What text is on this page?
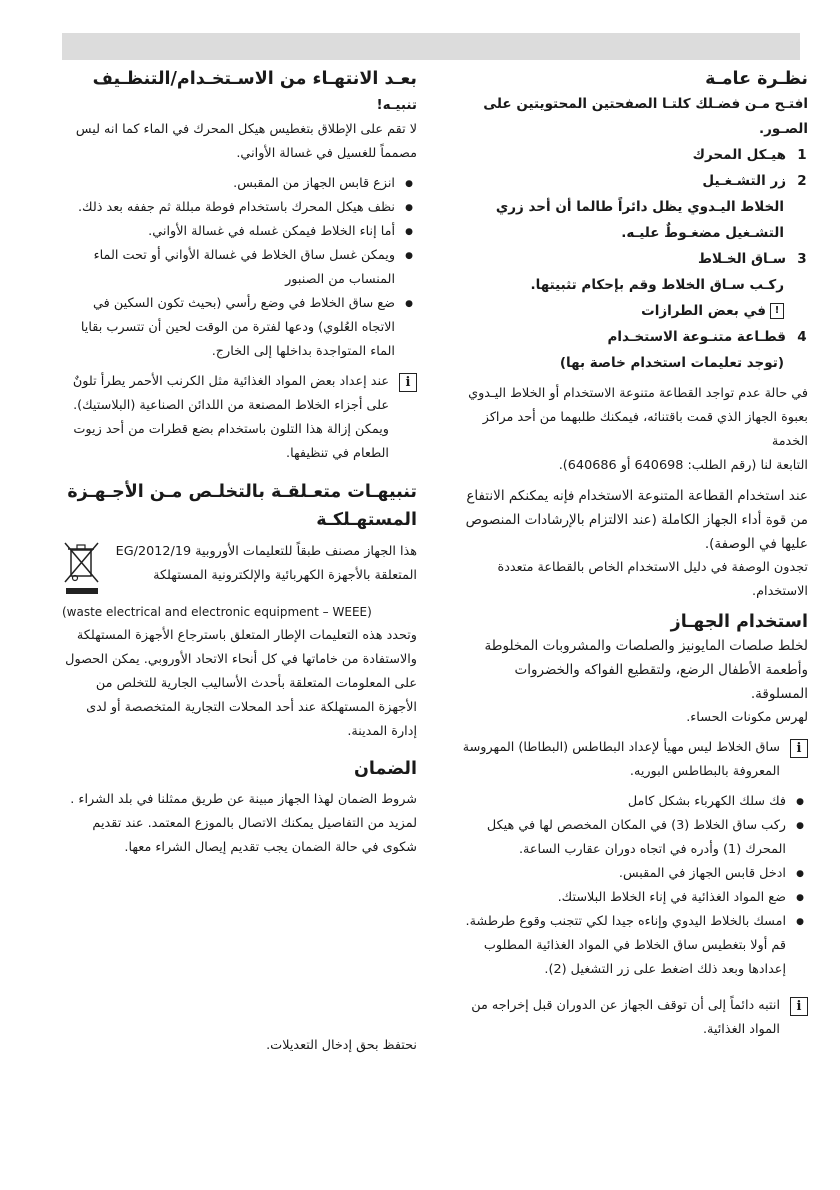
نظـرة عامـة
افتـح مـن فضـلك كلتـا الصفحتين المحتويتين على الصـور.
1
هيـكل المحرك
2
زر التشـغـيل
الخلاط اليـدوي يظل دائراً طالما أن أحد زري التشـغيل مضغـوطٌ عليـه.
3
سـاق الخـلاط
ركـب سـاق الخلاط وقم بإحكام تثبيتها.
!في بعض الطرازات
4
قطـاعة متنـوعة الاستخـدام
(توجد تعليمات استخدام خاصة بها)

في حالة عدم تواجد القطاعة متنوعة الاستخدام أو الخلاط اليـدوي بعبوة الجهاز الذي قمت باقتنائه، فيمكنك طلبهما من أحد مراكز الخدمة

التابعة لنا (رقم الطلب: 640698 أو 640686).

عند استخدام القطاعة المتنوعة الاستخدام فإنه يمكنكم الانتفاع من قوة أداء الجهاز الكاملة (عند الالتزام بالإرشادات المنصوص عليها في الوصفة).

تجدون الوصفة في دليل الاستخدام الخاص بالقطاعة متعددة الاستخدام.

استخدام الجهـاز

لخلط صلصات المايونيز والصلصات والمشروبات المخلوطة وأطعمة الأطفال الرضع، ولتقطيع الفواكه والخضروات المسلوقة.

لهرس مكونات الحساء.

i

ساق الخلاط ليس مهيأ لإعداد البطاطس (البطاطا) المهروسة المعروفة بالبطاطس البوريه.

● فك سلك الكهرباء بشكل كامل
● ركب ساق الخلاط (3) في المكان المخصص لها في هيكل المحرك (1) وأدره في اتجاه دوران عقارب الساعة.
● ادخل قابس الجهاز في المقبس.
● ضع المواد الغذائية في إناء الخلاط البلاستك.
● امسك بالخلاط اليدوي وإناءه جيدا لكي تتجنب وقوع طرطشة. قم أولا بتغطيس ساق الخلاط في المواد الغذائية المطلوب إعدادها وبعد ذلك اضغط على زر التشغيل (2).
i

انتبه دائماً إلى أن توقف الجهاز عن الدوران قبل إخراجه من المواد الغذائية.

بعـد الانتهـاء من الاسـتخـدام/التنظـيف
تنبيـه!

لا تقم على الإطلاق بتغطيس هيكل المحرك في الماء كما انه ليس مصمماً للغسيل في غسالة الأواني.

● انزع قابس الجهاز من المقبس.
● نظف هيكل المحرك باستخدام فوطة مبللة ثم جففه بعد ذلك.
● أما إناء الخلاط فيمكن غسله في غسالة الأواني.
● ويمكن غسل ساق الخلاط في غسالة الأواني أو تحت الماء المنساب من الصنبور
● ضع ساق الخلاط في وضع رأسي (بحيث تكون السكين في الاتجاه العُلوي) ودعها لفترة من الوقت لحين أن تتسرب بقايا الماء المتواجدة بداخلها إلى الخارج.
i

عند إعداد بعض المواد الغذائية مثل الكرنب الأحمر يطرأ تلونٌ على أجزاء الخلاط المصنعة من اللدائن الصناعية (البلاستيك). ويمكن إزالة هذا التلون باستخدام بضع قطرات من أحد زيوت الطعام في تنظيفها.

تنبيهـات متعـلقـة بالتخلـص مـن الأجـهـزة المستهـلكـة

هذا الجهاز مصنف طبقاً للتعليمات الأوروبية 2012/19/EG المتعلقة بالأجهزة الكهربائية والإلكترونية المستهلكة

(waste electrical and electronic equipment – WEEE)

وتحدد هذه التعليمات الإطار المتعلق باسترجاع الأجهزة المستهلكة والاستفادة من خاماتها في كل أنحاء الاتحاد الأوروبي. يمكن الحصول على المعلومات المتعلقة بأحدث الأساليب الجارية للتخلص من الأجهزة المستهلكة عند أحد المحلات التجارية المتخصصة أو لدى إدارة المدينة.

الضمان

شروط الضمان لهذا الجهاز مبينة عن طريق ممثلنا في بلد الشراء . لمزيد من التفاصيل يمكنك الاتصال بالموزع المعتمد. عند تقديم شكوى في حالة الضمان يجب تقديم إيصال الشراء معها.

نحتفظ بحق إدخال التعديلات.
